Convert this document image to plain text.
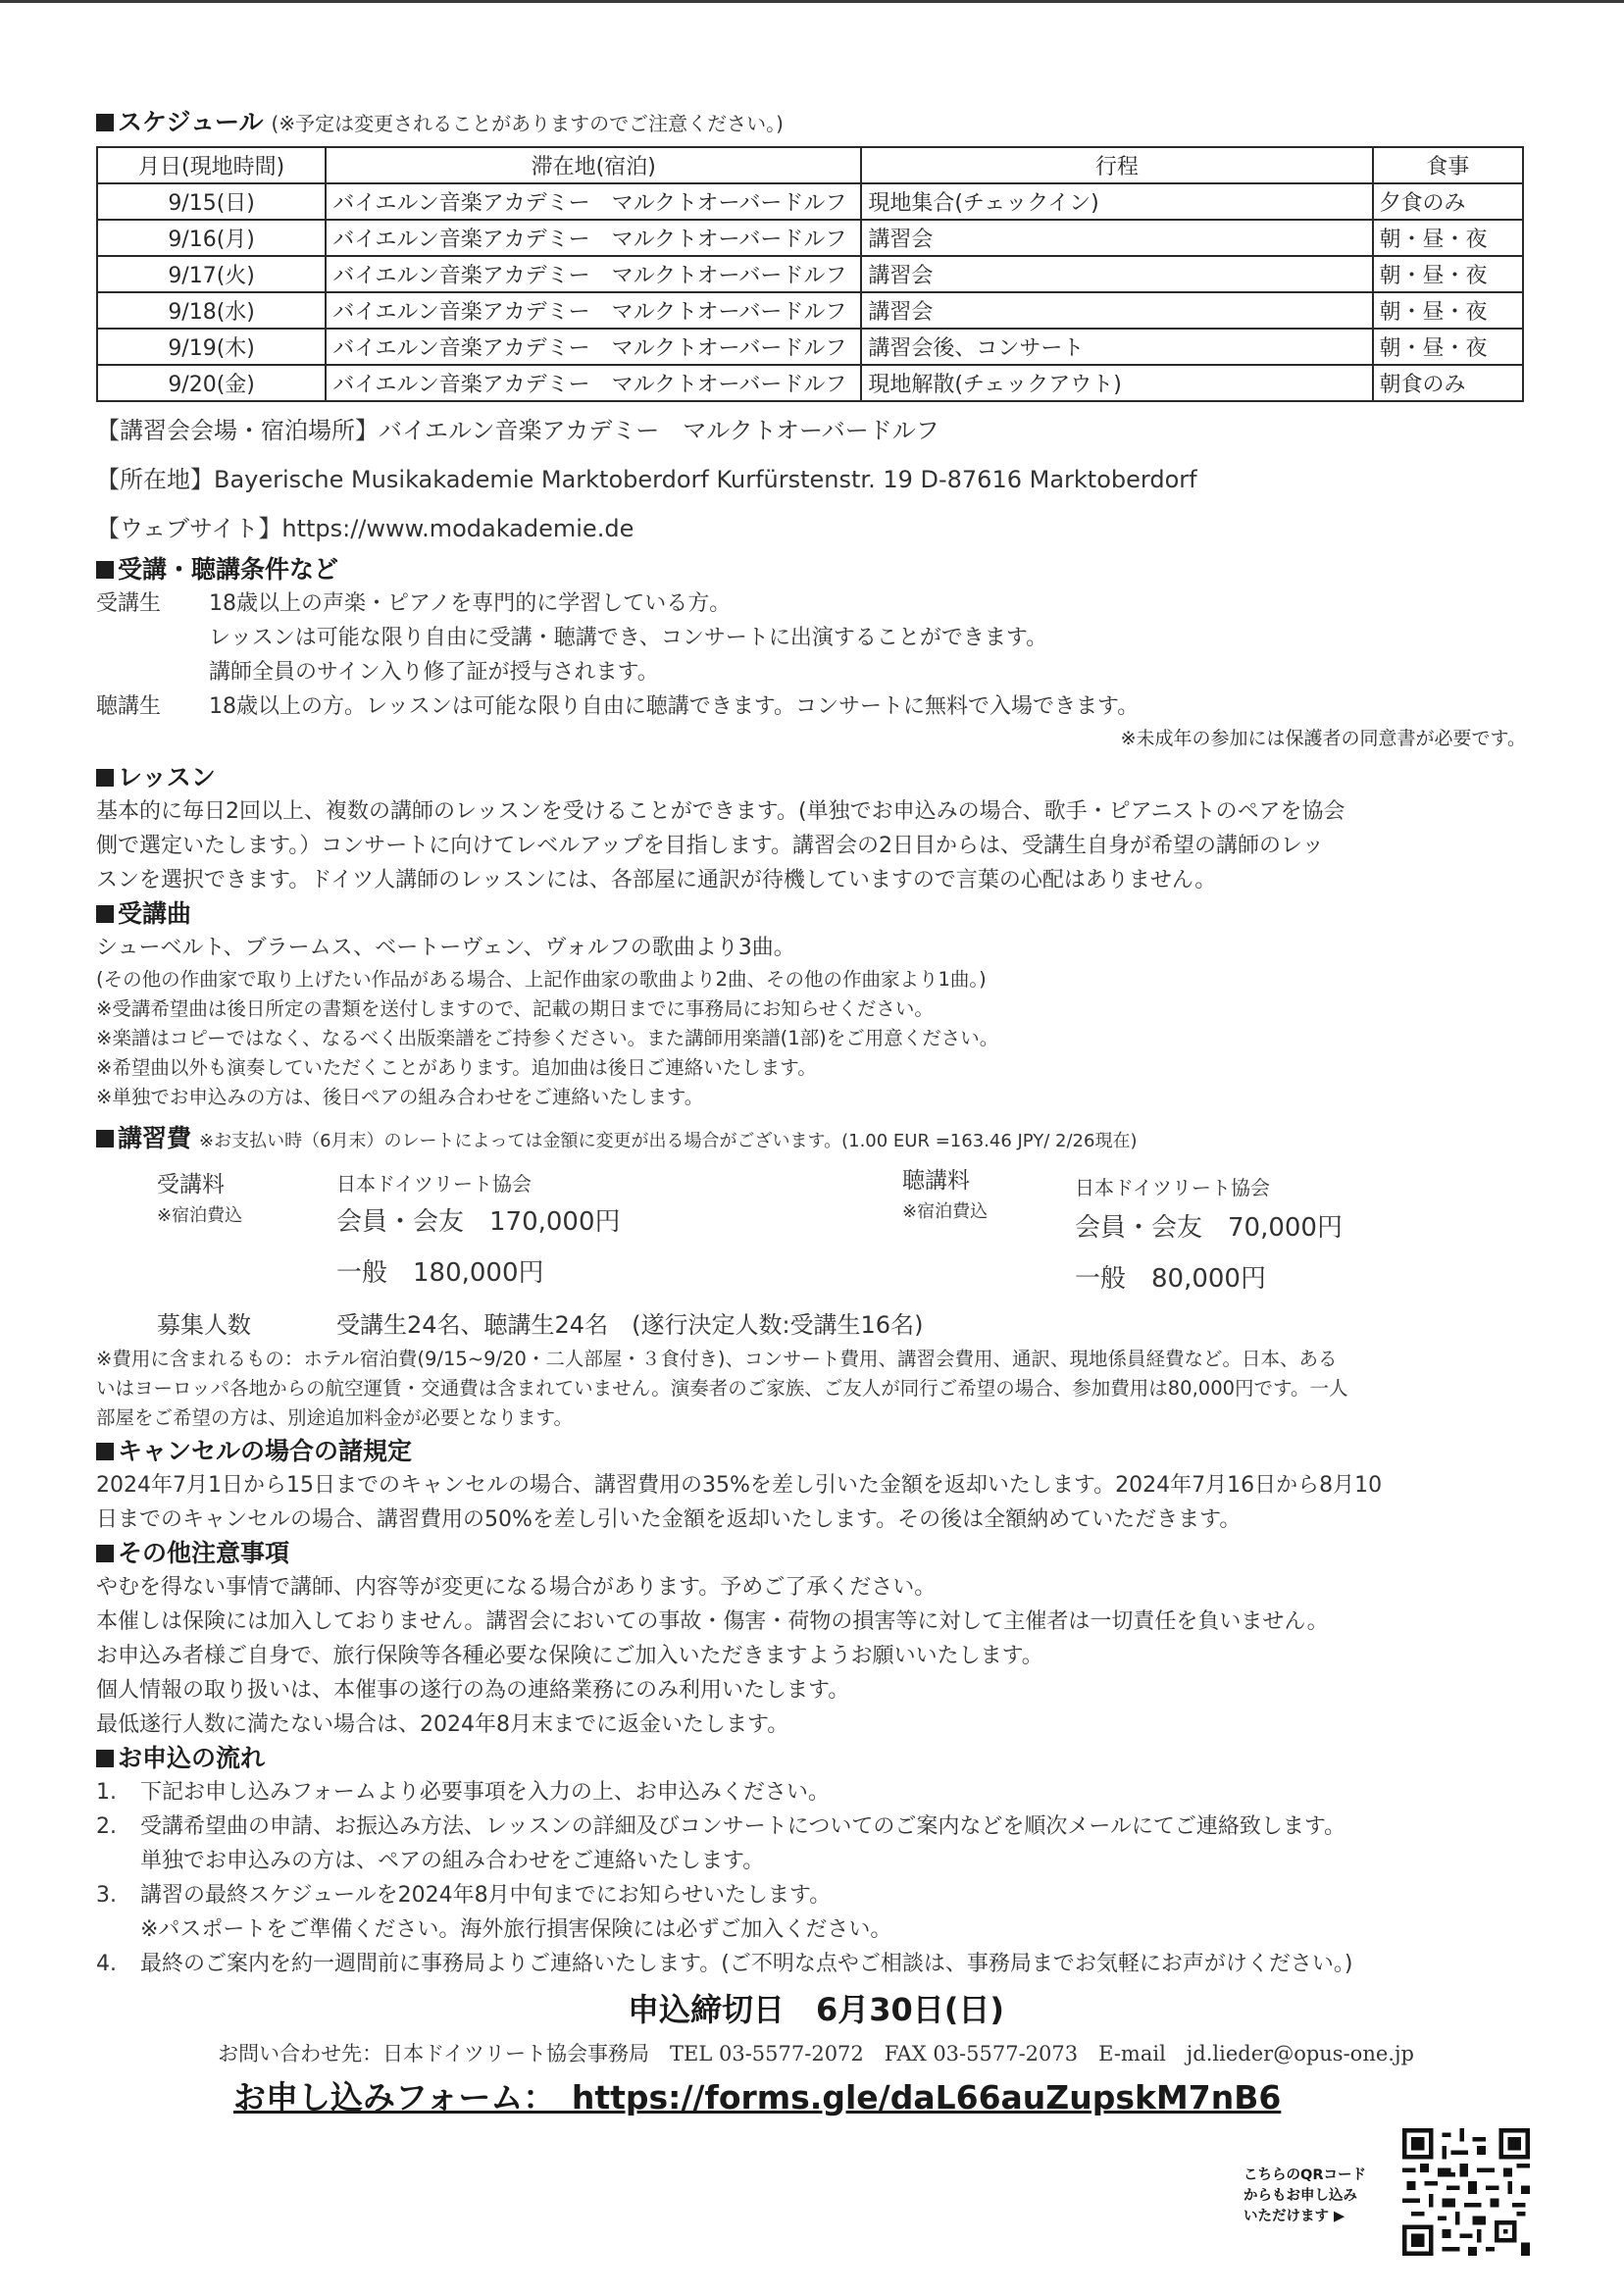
スケジュール (※予定は変更されることがありますのでご注意ください。)
月日(現地時間)	滞在地(宿泊)	行程	食事
9/15(日)	バイエルン音楽アカデミー　マルクトオーバードルフ	現地集合(チェックイン)	夕食のみ
9/16(月)	バイエルン音楽アカデミー　マルクトオーバードルフ	講習会	朝・昼・夜
9/17(火)	バイエルン音楽アカデミー　マルクトオーバードルフ	講習会	朝・昼・夜
9/18(水)	バイエルン音楽アカデミー　マルクトオーバードルフ	講習会	朝・昼・夜
9/19(木)	バイエルン音楽アカデミー　マルクトオーバードルフ	講習会後、コンサート	朝・昼・夜
9/20(金)	バイエルン音楽アカデミー　マルクトオーバードルフ	現地解散(チェックアウト)	朝食のみ
【講習会会場・宿泊場所】バイエルン音楽アカデミー　マルクトオーバードルフ
【所在地】Bayerische Musikakademie Marktoberdorf Kurfürstenstr. 19 D-87616 Marktoberdorf
【ウェブサイト】https://www.modakademie.de
受講・聴講条件など
受講生	18歳以上の声楽・ピアノを専門的に学習している方。
レッスンは可能な限り自由に受講・聴講でき、コンサートに出演することができます。
講師全員のサイン入り修了証が授与されます。
聴講生	18歳以上の方。レッスンは可能な限り自由に聴講できます。コンサートに無料で入場できます。
※未成年の参加には保護者の同意書が必要です。
レッスン
基本的に毎日2回以上、複数の講師のレッスンを受けることができます。(単独でお申込みの場合、歌手・ピアニストのペアを協会
側で選定いたします。）コンサートに向けてレベルアップを目指します。講習会の2日目からは、受講生自身が希望の講師のレッ
スンを選択できます。ドイツ人講師のレッスンには、各部屋に通訳が待機していますので言葉の心配はありません。
受講曲
シューベルト、ブラームス、ベートーヴェン、ヴォルフの歌曲より3曲。
(その他の作曲家で取り上げたい作品がある場合、上記作曲家の歌曲より2曲、その他の作曲家より1曲。)
※受講希望曲は後日所定の書類を送付しますので、記載の期日までに事務局にお知らせください。
※楽譜はコピーではなく、なるべく出版楽譜をご持参ください。また講師用楽譜(1部)をご用意ください。
※希望曲以外も演奏していただくことがあります。追加曲は後日ご連絡いたします。
※単独でお申込みの方は、後日ペアの組み合わせをご連絡いたします。
講習費 ※お支払い時（6月末）のレートによっては金額に変更が出る場合がございます。(1.00 EUR =163.46 JPY/ 2/26現在)
受講料
※宿泊費込
日本ドイツリート協会
会員・会友　170,000円
一般　180,000円
聴講料
※宿泊費込
日本ドイツリート協会
会員・会友　70,000円
一般　80,000円
募集人数	受講生24名、聴講生24名　(遂行決定人数:受講生16名)
※費用に含まれるもの：ホテル宿泊費(9/15~9/20・二人部屋・３食付き)、コンサート費用、講習会費用、通訳、現地係員経費など。日本、ある
いはヨーロッパ各地からの航空運賃・交通費は含まれていません。演奏者のご家族、ご友人が同行ご希望の場合、参加費用は80,000円です。一人
部屋をご希望の方は、別途追加料金が必要となります。
キャンセルの場合の諸規定
2024年7月1日から15日までのキャンセルの場合、講習費用の35%を差し引いた金額を返却いたします。2024年7月16日から8月10
日までのキャンセルの場合、講習費用の50%を差し引いた金額を返却いたします。その後は全額納めていただきます。
その他注意事項
やむを得ない事情で講師、内容等が変更になる場合があります。予めご了承ください。
本催しは保険には加入しておりません。講習会においての事故・傷害・荷物の損害等に対して主催者は一切責任を負いません。
お申込み者様ご自身で、旅行保険等各種必要な保険にご加入いただきますようお願いいたします。
個人情報の取り扱いは、本催事の遂行の為の連絡業務にのみ利用いたします。
最低遂行人数に満たない場合は、2024年8月末までに返金いたします。
お申込の流れ
1.	下記お申し込みフォームより必要事項を入力の上、お申込みください。
2.	受講希望曲の申請、お振込み方法、レッスンの詳細及びコンサートについてのご案内などを順次メールにてご連絡致します。
単独でお申込みの方は、ペアの組み合わせをご連絡いたします。
3.	講習の最終スケジュールを2024年8月中旬までにお知らせいたします。
※パスポートをご準備ください。海外旅行損害保険には必ずご加入ください。
4.	最終のご案内を約一週間前に事務局よりご連絡いたします。(ご不明な点やご相談は、事務局までお気軽にお声がけください。)
申込締切日　6月30日(日)
お問い合わせ先：日本ドイツリート協会事務局　TEL 03-5577-2072　FAX 03-5577-2073　E-mail　jd.lieder@opus-one.jp
お申し込みフォーム：　https://forms.gle/daL66auZupskM7nB6
こちらのQRコード
からもお申し込み
いただけます ▶
